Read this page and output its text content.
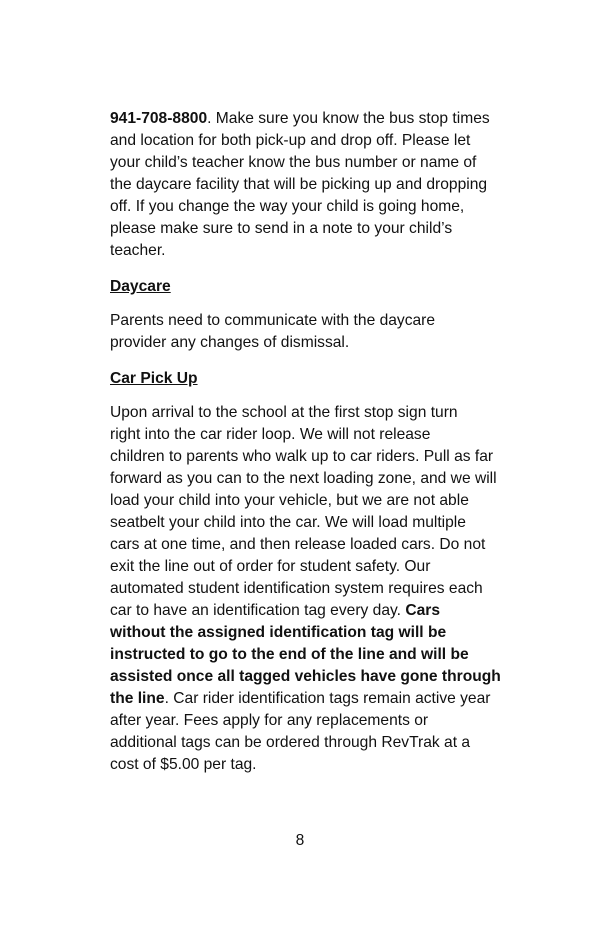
941-708-8800. Make sure you know the bus stop times
and location for both pick-up and drop off. Please let
your child’s teacher know the bus number or name of
the daycare facility that will be picking up and dropping
off. If you change the way your child is going home,
please make sure to send in a note to your child’s
teacher.

Daycare

Parents need to communicate with the daycare
provider any changes of dismissal.

Car Pick Up

Upon arrival to the school at the first stop sign turn
right into the car rider loop. We will not release
children to parents who walk up to car riders. Pull as far
forward as you can to the next loading zone, and we will
load your child into your vehicle, but we are not able
seatbelt your child into the car. We will load multiple
cars at one time, and then release loaded cars. Do not
exit the line out of order for student safety. Our
automated student identification system requires each
car to have an identification tag every day. Cars
without the assigned identification tag will be
instructed to go to the end of the line and will be
assisted once all tagged vehicles have gone through
the line. Car rider identification tags remain active year
after year. Fees apply for any replacements or
additional tags can be ordered through RevTrak at a
cost of $5.00 per tag.

8
